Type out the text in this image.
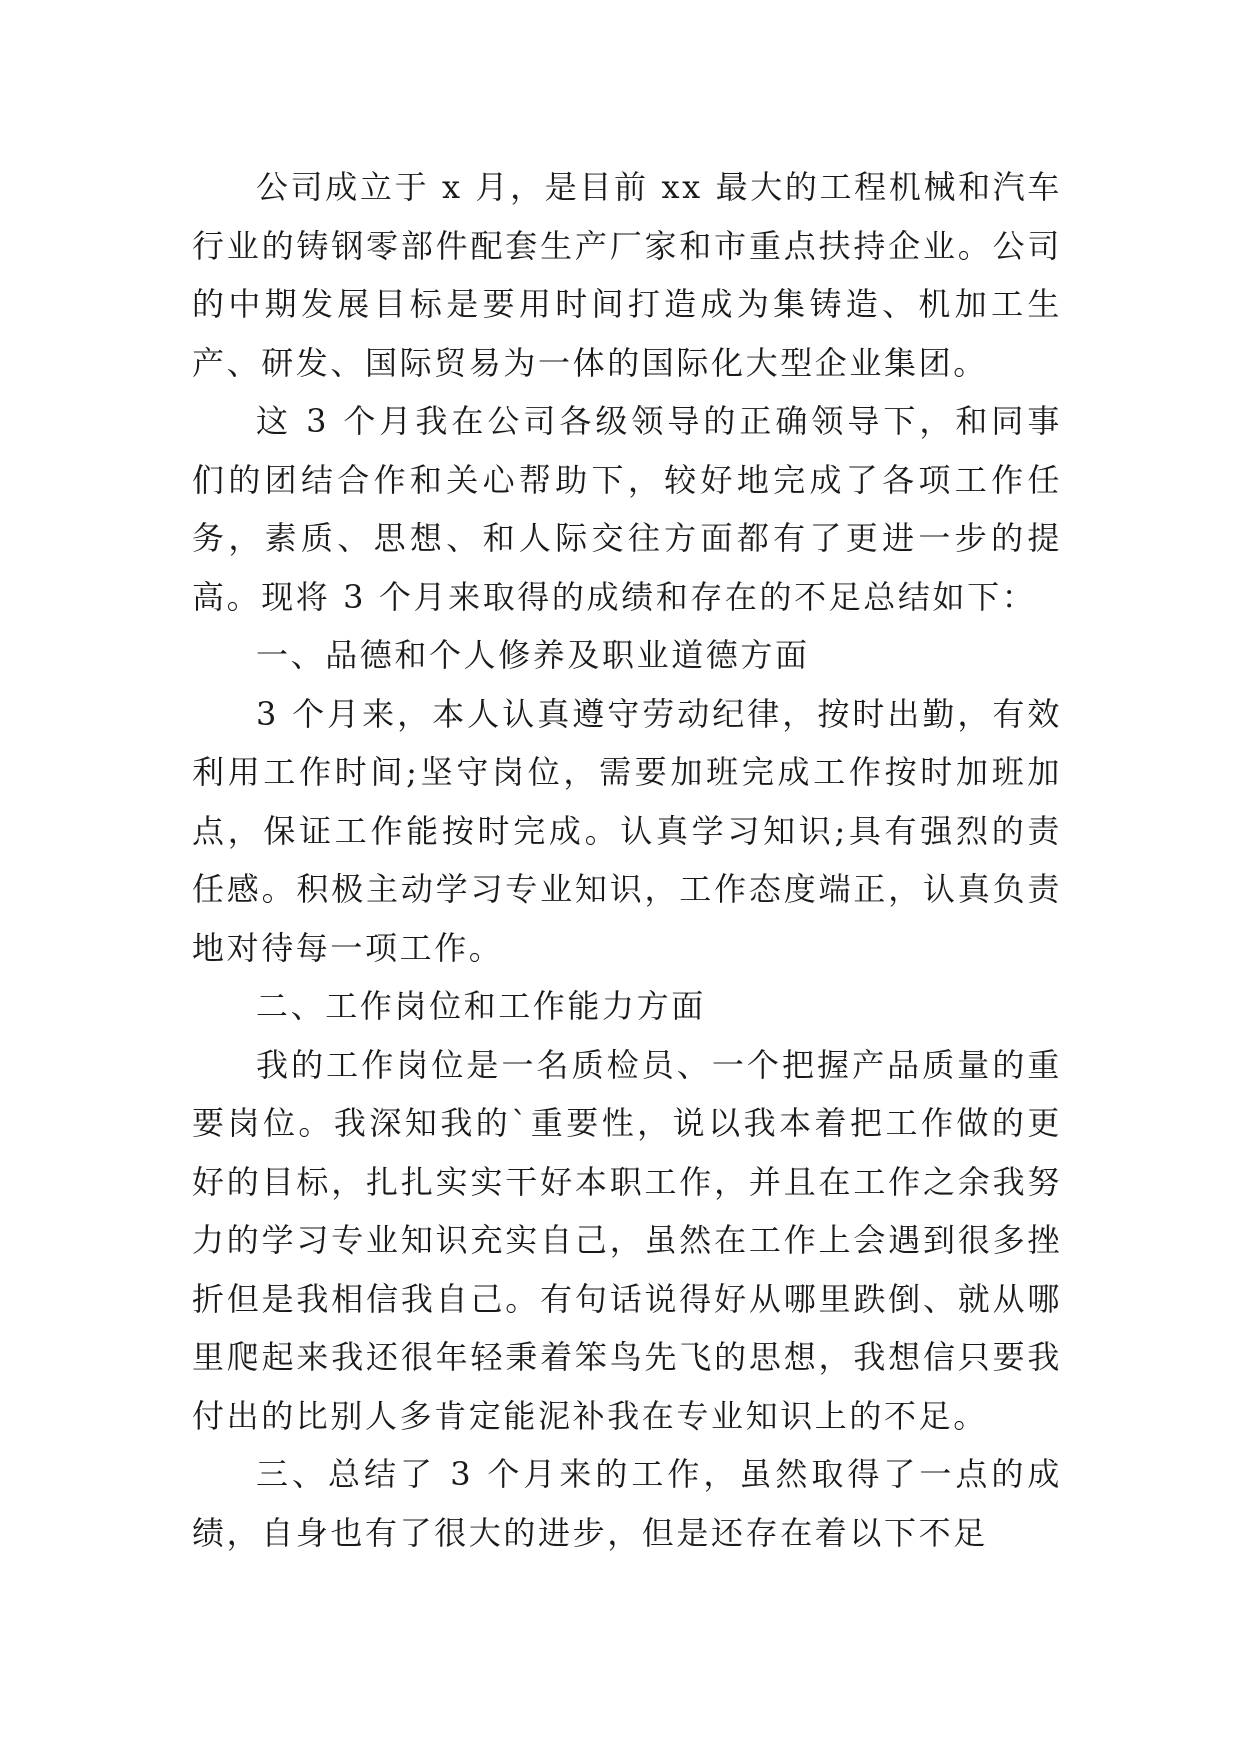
公司成立于 x 月，是目前 xx 最大的工程机械和汽车行业的铸钢零部件配套生产厂家和市重点扶持企业。公司的中期发展目标是要用时间打造成为集铸造、机加工生产、研发、国际贸易为一体的国际化大型企业集团。

这 3 个月我在公司各级领导的正确领导下，和同事们的团结合作和关心帮助下，较好地完成了各项工作任务，素质、思想、和人际交往方面都有了更进一步的提高。现将 3 个月来取得的成绩和存在的不足总结如下：

一、品德和个人修养及职业道德方面

3 个月来，本人认真遵守劳动纪律，按时出勤，有效利用工作时间;坚守岗位，需要加班完成工作按时加班加点，保证工作能按时完成。认真学习知识;具有强烈的责任感。积极主动学习专业知识，工作态度端正，认真负责地对待每一项工作。

二、工作岗位和工作能力方面

我的工作岗位是一名质检员、一个把握产品质量的重要岗位。我深知我的`重要性，说以我本着把工作做的更好的目标，扎扎实实干好本职工作，并且在工作之余我努力的学习专业知识充实自己，虽然在工作上会遇到很多挫折但是我相信我自己。有句话说得好从哪里跌倒、就从哪里爬起来我还很年轻秉着笨鸟先飞的思想，我想信只要我付出的比别人多肯定能泥补我在专业知识上的不足。

三、总结了 3 个月来的工作，虽然取得了一点的成绩，自身也有了很大的进步，但是还存在着以下不足
